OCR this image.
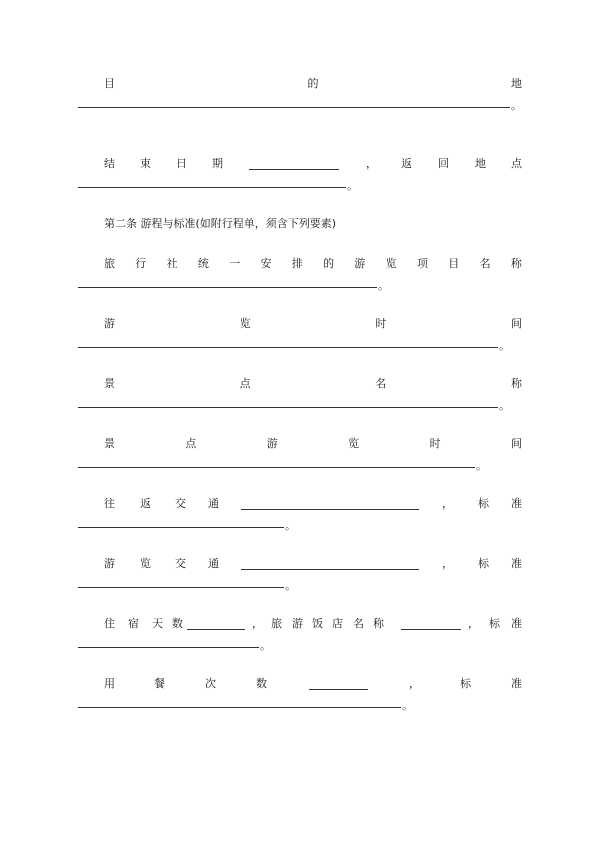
目	的	地
。
结 束 日 期	， 返 回 地 点
。
第二条 游程与标准(如附行程单，须含下列要素)
旅 行 社 统 一 安 排 的 游 览 项 目 名 称
。
游	览	时	间
。
景	点	名	称
。
景	点	游	览	时	间
。
往 返 交 通	， 标 准
。
游 览 交 通	， 标 准
。
住 宿 天 数	， 旅 游 饭 店 名 称	， 标 准
。
用	餐	次	数	，	标	准
。
